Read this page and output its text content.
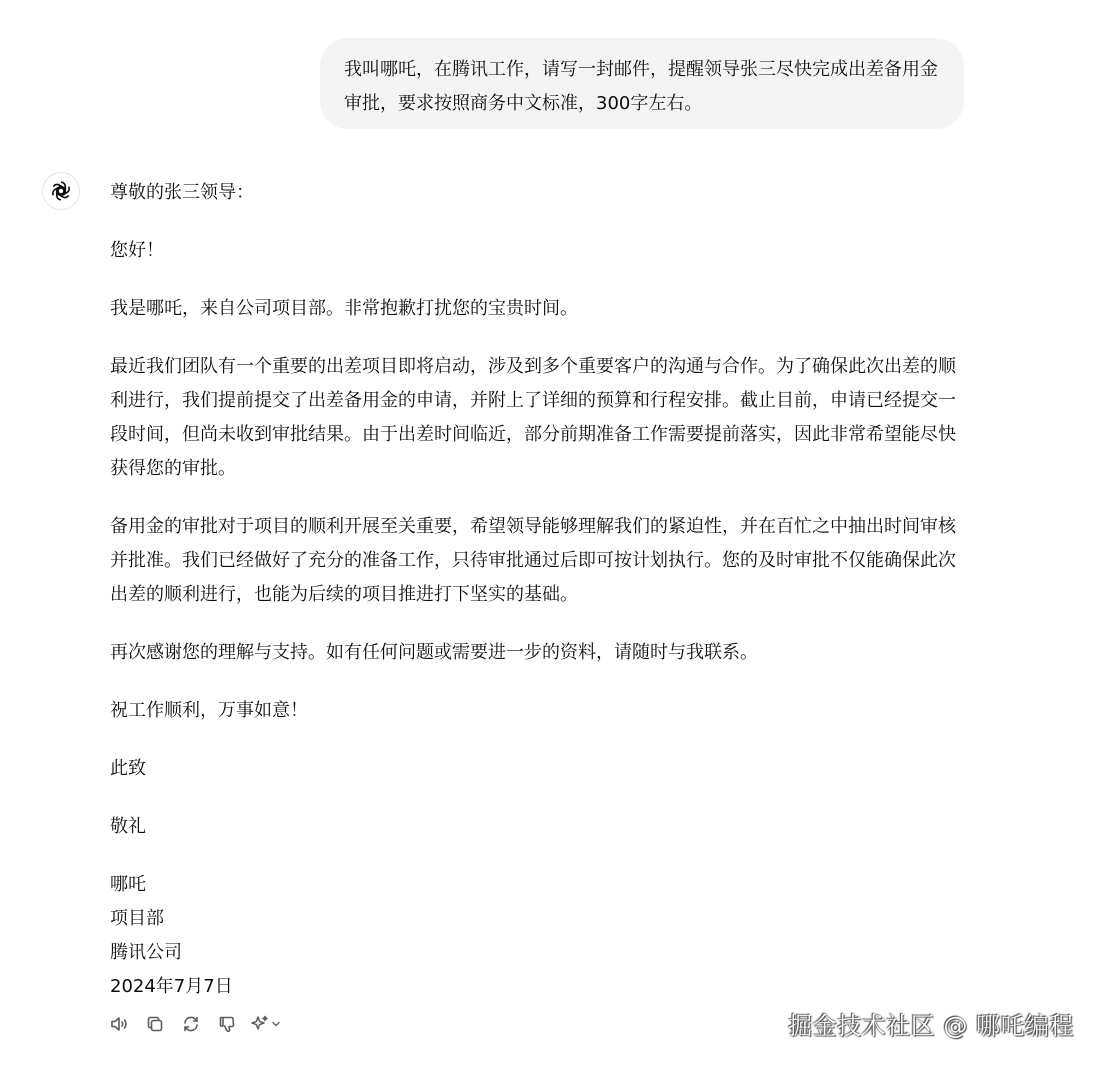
我叫哪吒，在腾讯工作，请写一封邮件，提醒领导张三尽快完成出差备用金审批，要求按照商务中文标准，300字左右。

尊敬的张三领导：

您好！

我是哪吒，来自公司项目部。非常抱歉打扰您的宝贵时间。

最近我们团队有一个重要的出差项目即将启动，涉及到多个重要客户的沟通与合作。为了确保此次出差的顺利进行，我们提前提交了出差备用金的申请，并附上了详细的预算和行程安排。截止目前，申请已经提交一段时间，但尚未收到审批结果。由于出差时间临近，部分前期准备工作需要提前落实，因此非常希望能尽快获得您的审批。

备用金的审批对于项目的顺利开展至关重要，希望领导能够理解我们的紧迫性，并在百忙之中抽出时间审核并批准。我们已经做好了充分的准备工作，只待审批通过后即可按计划执行。您的及时审批不仅能确保此次出差的顺利进行，也能为后续的项目推进打下坚实的基础。

再次感谢您的理解与支持。如有任何问题或需要进一步的资料，请随时与我联系。

祝工作顺利，万事如意！

此致

敬礼

哪吒

项目部

腾讯公司

2024年7月7日

掘金技术社区 @ 哪吒编程
